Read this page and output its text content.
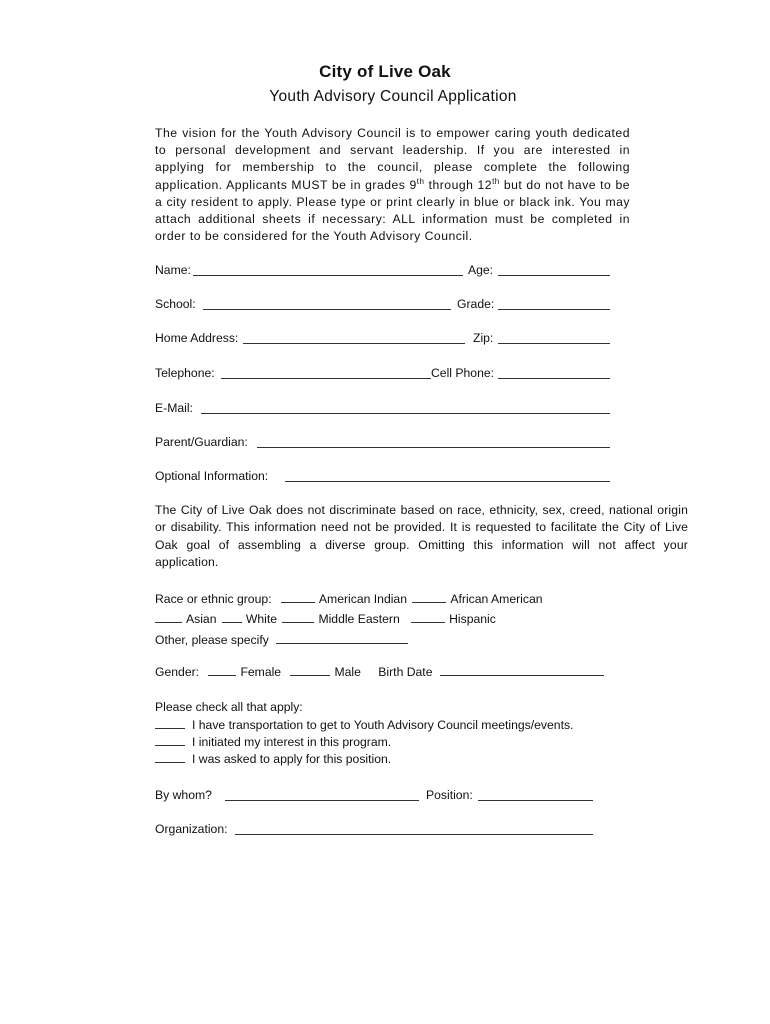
City of Live Oak
Youth Advisory Council Application
The vision for the Youth Advisory Council is to empower caring youth dedicated to personal development and servant leadership. If you are interested in applying for membership to the council, please complete the following application. Applicants MUST be in grades 9th through 12th but do not have to be a city resident to apply. Please type or print clearly in blue or black ink. You may attach additional sheets if necessary: ALL information must be completed in order to be considered for the Youth Advisory Council.
Name:	Age:
School:	Grade:
Home Address:	Zip:
Telephone:	Cell Phone:
E-Mail:
Parent/Guardian:
Optional Information:
The City of Live Oak does not discriminate based on race, ethnicity, sex, creed, national origin or disability. This information need not be provided. It is requested to facilitate the City of Live Oak goal of assembling a diverse group. Omitting this information will not affect your application.
Race or ethnic group:	American Indian	African American
Asian White	Middle Eastern	Hispanic
Other, please specify
Gender:	Female	Male Birth Date
Please check all that apply:
I have transportation to get to Youth Advisory Council meetings/events.
I initiated my interest in this program.
I was asked to apply for this position.
By whom?	Position:
Organization:
